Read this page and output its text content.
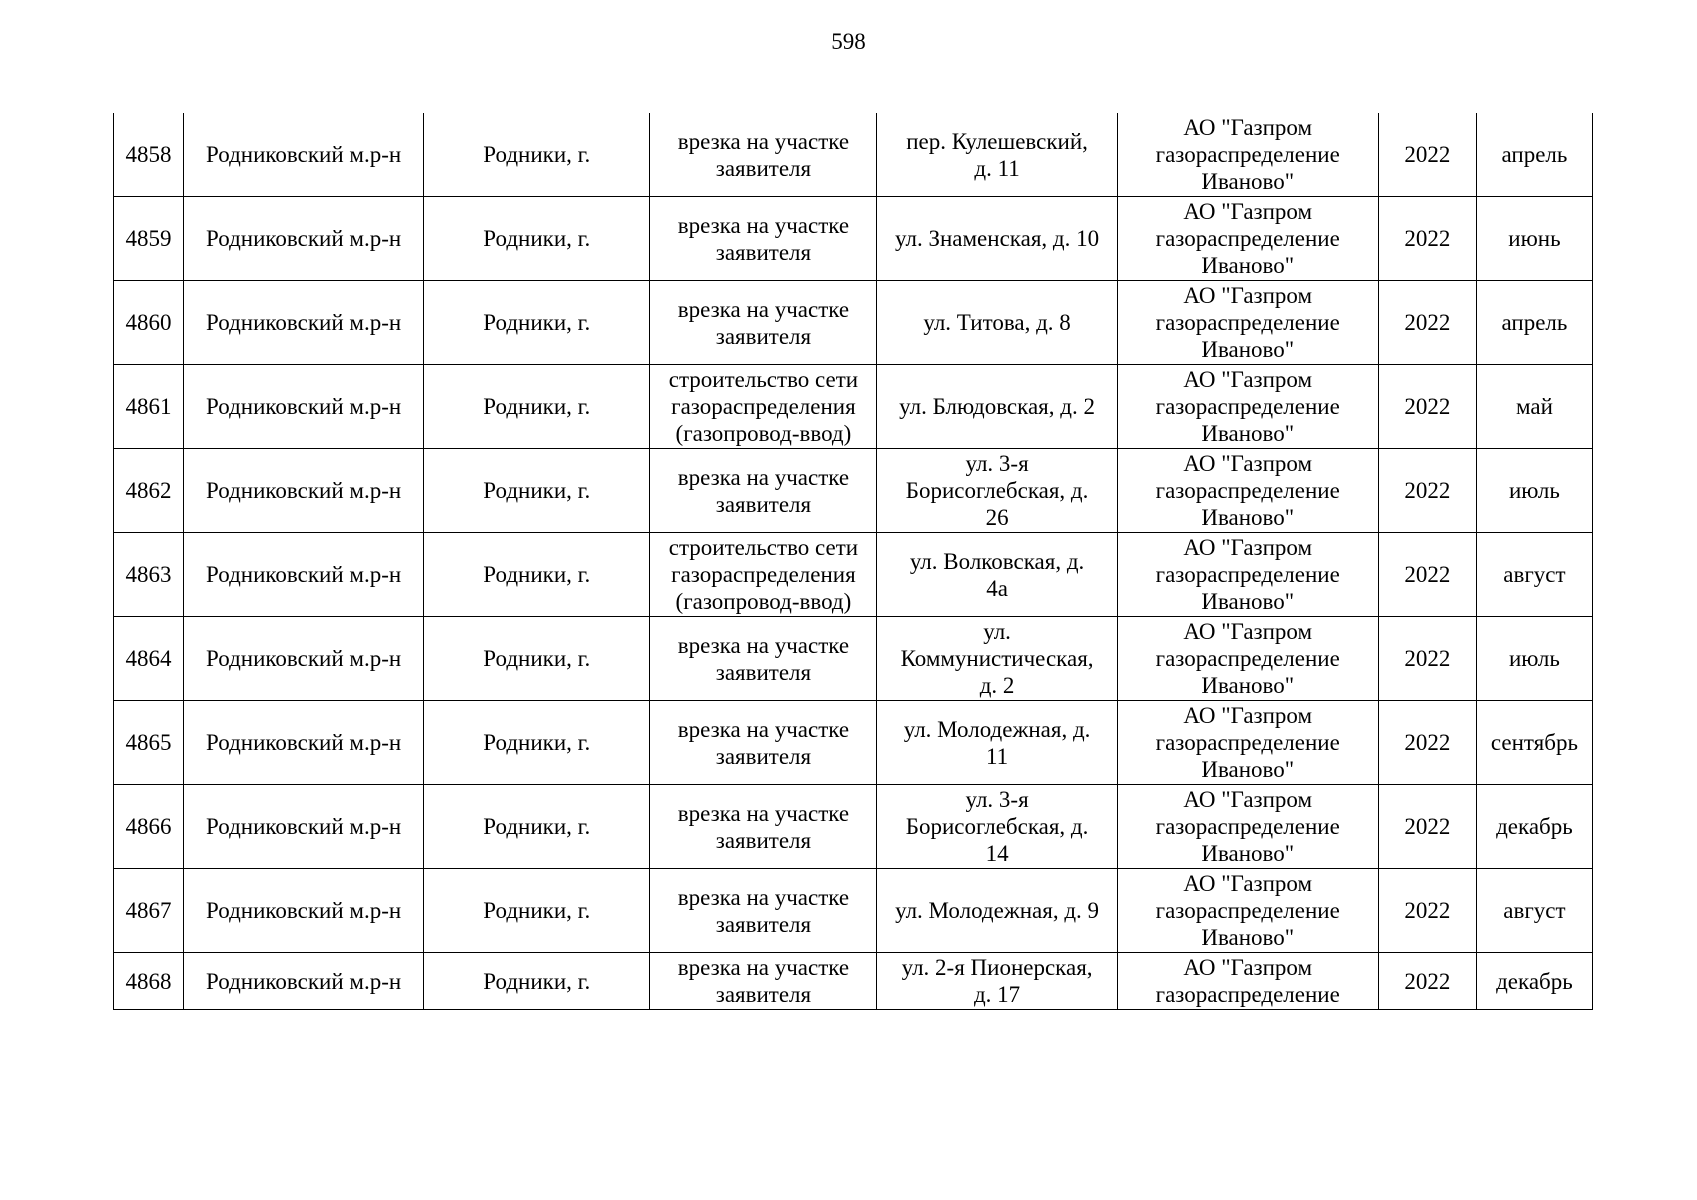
598
4858	Родниковский м.р-н	Родники, г.	врезка на участке
заявителя	пер. Кулешевский,
д. 11	АО "Газпром
газораспределение
Иваново"	2022	апрель
4859	Родниковский м.р-н	Родники, г.	врезка на участке
заявителя	ул. Знаменская, д. 10	АО "Газпром
газораспределение
Иваново"	2022	июнь
4860	Родниковский м.р-н	Родники, г.	врезка на участке
заявителя	ул. Титова, д. 8	АО "Газпром
газораспределение
Иваново"	2022	апрель
4861	Родниковский м.р-н	Родники, г.	строительство сети
газораспределения
(газопровод-ввод)	ул. Блюдовская, д. 2	АО "Газпром
газораспределение
Иваново"	2022	май
4862	Родниковский м.р-н	Родники, г.	врезка на участке
заявителя	ул. 3-я
Борисоглебская, д.
26	АО "Газпром
газораспределение
Иваново"	2022	июль
4863	Родниковский м.р-н	Родники, г.	строительство сети
газораспределения
(газопровод-ввод)	ул. Волковская, д.
4а	АО "Газпром
газораспределение
Иваново"	2022	август
4864	Родниковский м.р-н	Родники, г.	врезка на участке
заявителя	ул.
Коммунистическая,
д. 2	АО "Газпром
газораспределение
Иваново"	2022	июль
4865	Родниковский м.р-н	Родники, г.	врезка на участке
заявителя	ул. Молодежная, д.
11	АО "Газпром
газораспределение
Иваново"	2022	сентябрь
4866	Родниковский м.р-н	Родники, г.	врезка на участке
заявителя	ул. 3-я
Борисоглебская, д.
14	АО "Газпром
газораспределение
Иваново"	2022	декабрь
4867	Родниковский м.р-н	Родники, г.	врезка на участке
заявителя	ул. Молодежная, д. 9	АО "Газпром
газораспределение
Иваново"	2022	август
4868	Родниковский м.р-н	Родники, г.	врезка на участке
заявителя	ул. 2-я Пионерская,
д. 17	АО "Газпром
газораспределение	2022	декабрь
